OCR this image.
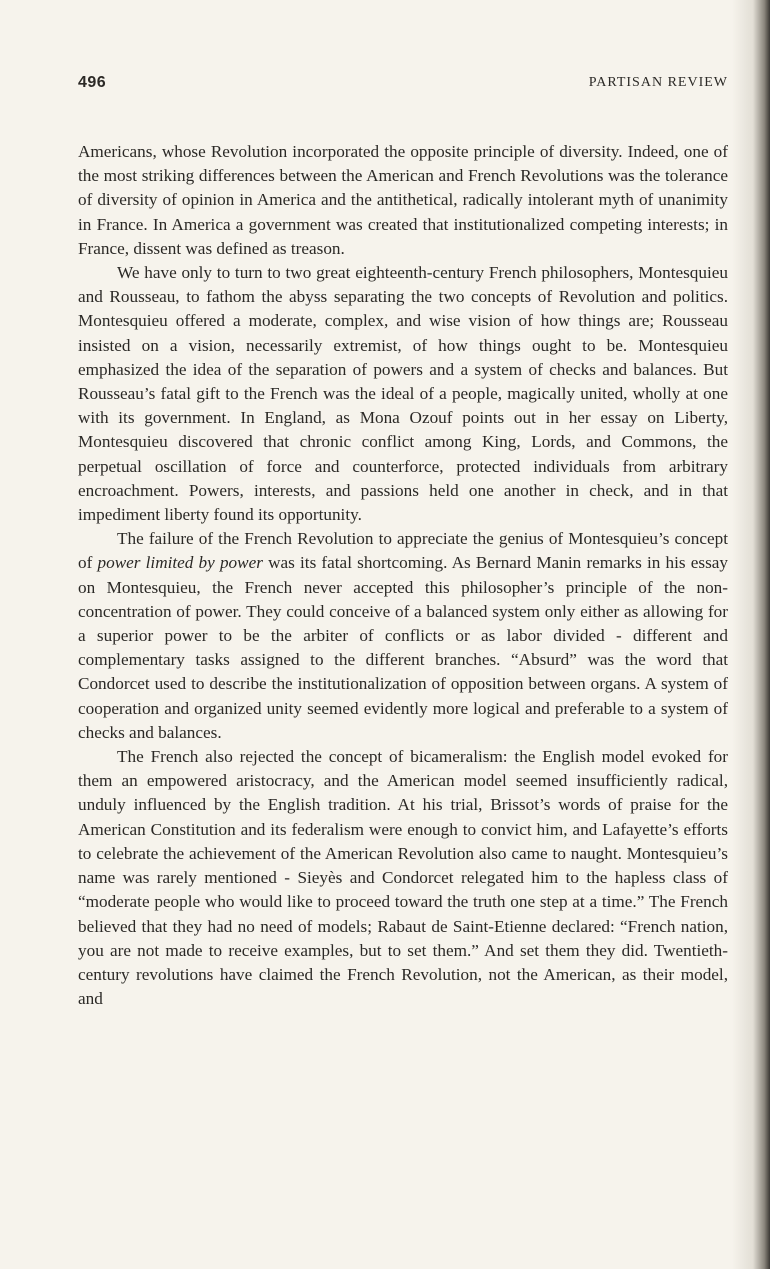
496	PARTISAN REVIEW

Americans, whose Revolution incorporated the opposite principle of diversity. Indeed, one of the most striking differences between the American and French Revolutions was the tolerance of diversity of opinion in America and the antithetical, radically intolerant myth of unanimity in France. In America a government was created that institutionalized competing interests; in France, dissent was defined as treason.

We have only to turn to two great eighteenth-century French philosophers, Montesquieu and Rousseau, to fathom the abyss separating the two concepts of Revolution and politics. Montesquieu offered a moderate, complex, and wise vision of how things are; Rousseau insisted on a vision, necessarily extremist, of how things ought to be. Montesquieu emphasized the idea of the separation of powers and a system of checks and balances. But Rousseau’s fatal gift to the French was the ideal of a people, magically united, wholly at one with its government. In England, as Mona Ozouf points out in her essay on Liberty, Montesquieu discovered that chronic conflict among King, Lords, and Commons, the perpetual oscillation of force and counterforce, protected individuals from arbitrary encroachment. Powers, interests, and passions held one another in check, and in that impediment liberty found its opportunity.

The failure of the French Revolution to appreciate the genius of Montesquieu’s concept of power limited by power was its fatal shortcoming. As Bernard Manin remarks in his essay on Montesquieu, the French never accepted this philosopher’s principle of the non-concentration of power. They could conceive of a balanced system only either as allowing for a superior power to be the arbiter of conflicts or as labor divided - different and complementary tasks assigned to the different branches. “Absurd” was the word that Condorcet used to describe the institutionalization of opposition between organs. A system of cooperation and organized unity seemed evidently more logical and preferable to a system of checks and balances.

The French also rejected the concept of bicameralism: the English model evoked for them an empowered aristocracy, and the American model seemed insufficiently radical, unduly influenced by the English tradition. At his trial, Brissot’s words of praise for the American Constitution and its federalism were enough to convict him, and Lafayette’s efforts to celebrate the achievement of the American Revolution also came to naught. Montesquieu’s name was rarely mentioned - Sieyès and Condorcet relegated him to the hapless class of “moderate people who would like to proceed toward the truth one step at a time.” The French believed that they had no need of models; Rabaut de Saint-Etienne declared: “French nation, you are not made to receive examples, but to set them.” And set them they did. Twentieth-century revolutions have claimed the French Revolution, not the American, as their model, and
